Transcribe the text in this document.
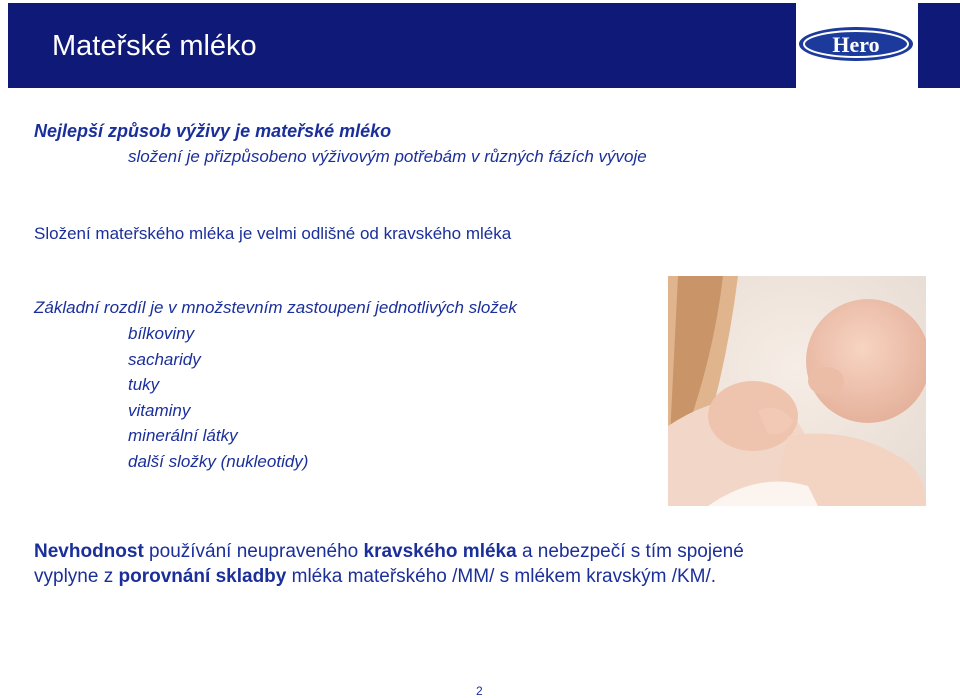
Mateřské mléko	Hero
Nejlepší způsob výživy je mateřské mléko
složení je přizpůsobeno výživovým potřebám v různých fázích vývoje
Složení mateřského mléka je velmi odlišné od kravského mléka
Základní rozdíl je v množstevním zastoupení jednotlivých složek
bílkoviny
sacharidy
tuky
vitaminy
minerální látky
další složky (nukleotidy)
Nevhodnost používání neupraveného kravského mléka a nebezpečí s tím spojené
vyplyne z porovnání skladby mléka mateřského /MM/ s mlékem kravským /KM/.
2
